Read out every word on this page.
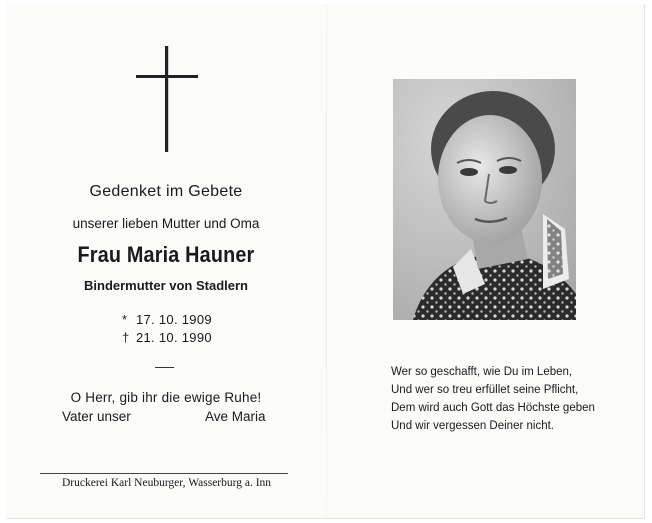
Gedenket im Gebete
unserer lieben Mutter und Oma
Frau Maria Hauner
Bindermutter von Stadlern
* 17. 10. 1909
† 21. 10. 1990
O Herr, gib ihr die ewige Ruhe!
Vater unser	Ave Maria
Druckerei Karl Neuburger, Wasserburg a. Inn
Wer so geschafft, wie Du im Leben,
Und wer so treu erfüllet seine Pflicht,
Dem wird auch Gott das Höchste geben
Und wir vergessen Deiner nicht.
